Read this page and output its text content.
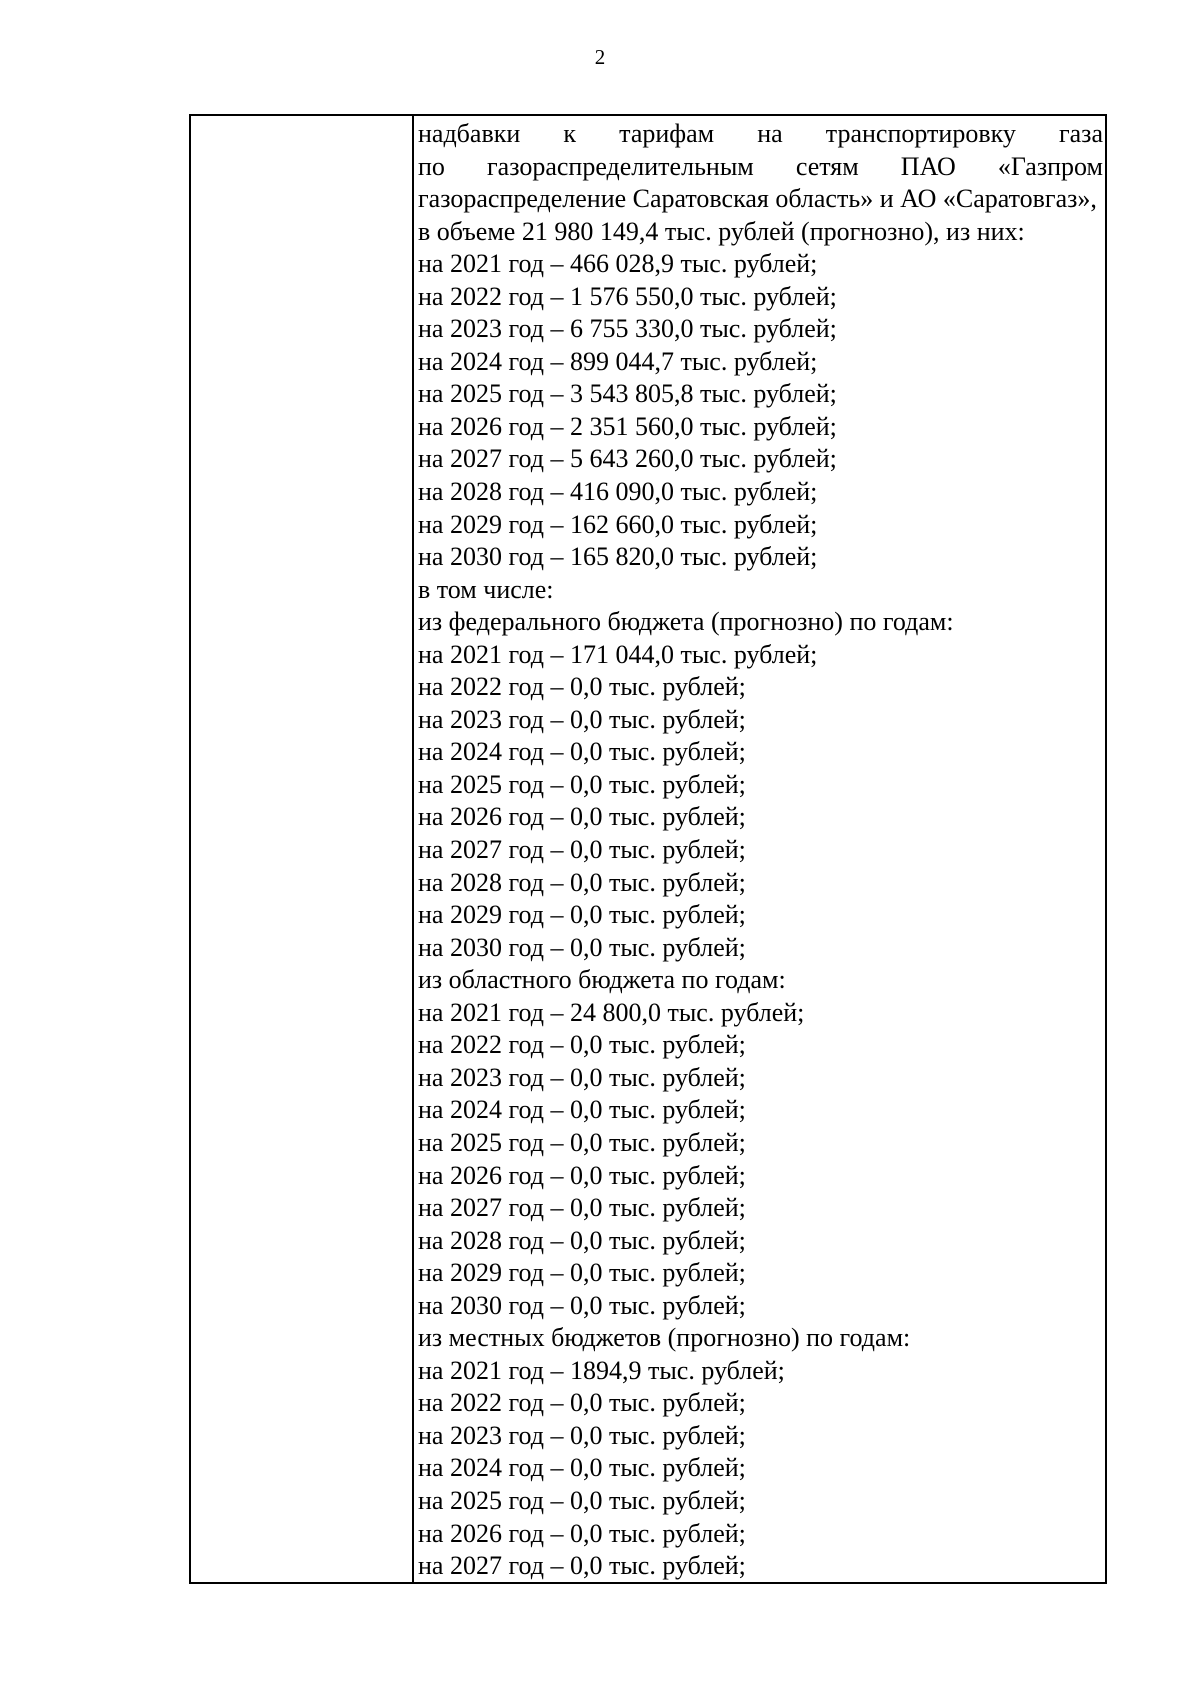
2
надбавки к тарифам на транспортировку газа
по газораспределительным сетям ПАО «Газпром
газораспределение Саратовская область» и АО «Саратовгаз»,
в объеме 21 980 149,4 тыс. рублей (прогнозно), из них:
на 2021 год – 466 028,9 тыс. рублей;
на 2022 год – 1 576 550,0 тыс. рублей;
на 2023 год – 6 755 330,0 тыс. рублей;
на 2024 год – 899 044,7 тыс. рублей;
на 2025 год – 3 543 805,8 тыс. рублей;
на 2026 год – 2 351 560,0 тыс. рублей;
на 2027 год – 5 643 260,0 тыс. рублей;
на 2028 год – 416 090,0 тыс. рублей;
на 2029 год – 162 660,0 тыс. рублей;
на 2030 год – 165 820,0 тыс. рублей;
в том числе:
из федерального бюджета (прогнозно) по годам:
на 2021 год – 171 044,0 тыс. рублей;
на 2022 год – 0,0 тыс. рублей;
на 2023 год – 0,0 тыс. рублей;
на 2024 год – 0,0 тыс. рублей;
на 2025 год – 0,0 тыс. рублей;
на 2026 год – 0,0 тыс. рублей;
на 2027 год – 0,0 тыс. рублей;
на 2028 год – 0,0 тыс. рублей;
на 2029 год – 0,0 тыс. рублей;
на 2030 год – 0,0 тыс. рублей;
из областного бюджета по годам:
на 2021 год – 24 800,0 тыс. рублей;
на 2022 год – 0,0 тыс. рублей;
на 2023 год – 0,0 тыс. рублей;
на 2024 год – 0,0 тыс. рублей;
на 2025 год – 0,0 тыс. рублей;
на 2026 год – 0,0 тыс. рублей;
на 2027 год – 0,0 тыс. рублей;
на 2028 год – 0,0 тыс. рублей;
на 2029 год – 0,0 тыс. рублей;
на 2030 год – 0,0 тыс. рублей;
из местных бюджетов (прогнозно) по годам:
на 2021 год – 1894,9 тыс. рублей;
на 2022 год – 0,0 тыс. рублей;
на 2023 год – 0,0 тыс. рублей;
на 2024 год – 0,0 тыс. рублей;
на 2025 год – 0,0 тыс. рублей;
на 2026 год – 0,0 тыс. рублей;
на 2027 год – 0,0 тыс. рублей;
